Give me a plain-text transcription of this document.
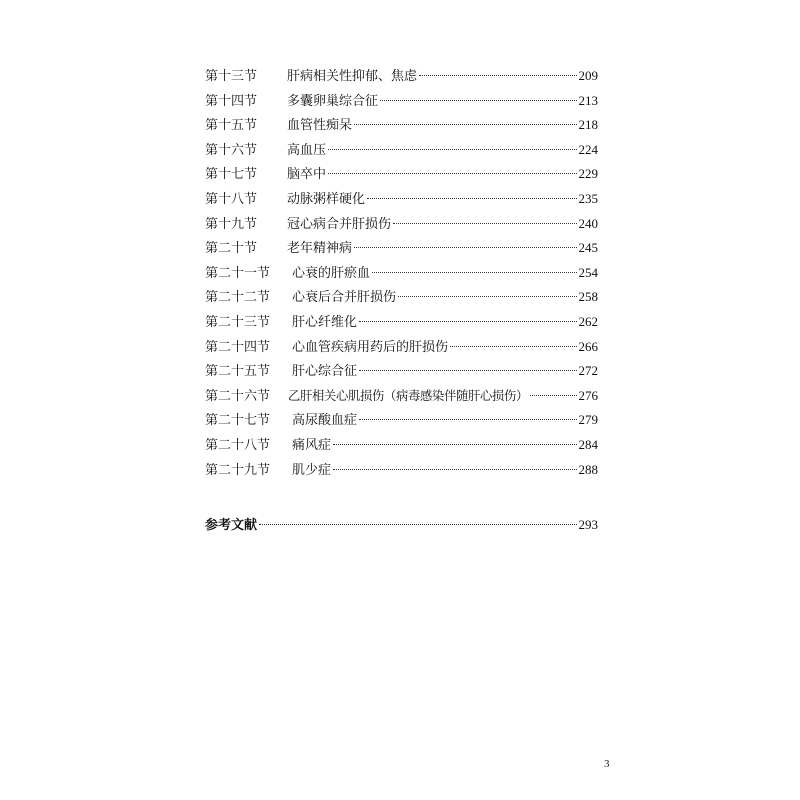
第十三节	肝病相关性抑郁、焦虑	209
第十四节	多囊卵巢综合征	213
第十五节	血管性痴呆	218
第十六节	高血压	224
第十七节	脑卒中	229
第十八节	动脉粥样硬化	235
第十九节	冠心病合并肝损伤	240
第二十节	老年精神病	245
第二十一节	心衰的肝瘀血	254
第二十二节	心衰后合并肝损伤	258
第二十三节	肝心纤维化	262
第二十四节	心血管疾病用药后的肝损伤	266
第二十五节	肝心综合征	272
第二十六节	乙肝相关心肌损伤（病毒感染伴随肝心损伤）	276
第二十七节	高尿酸血症	279
第二十八节	痛风症	284
第二十九节	肌少症	288
参考文献	293
3
